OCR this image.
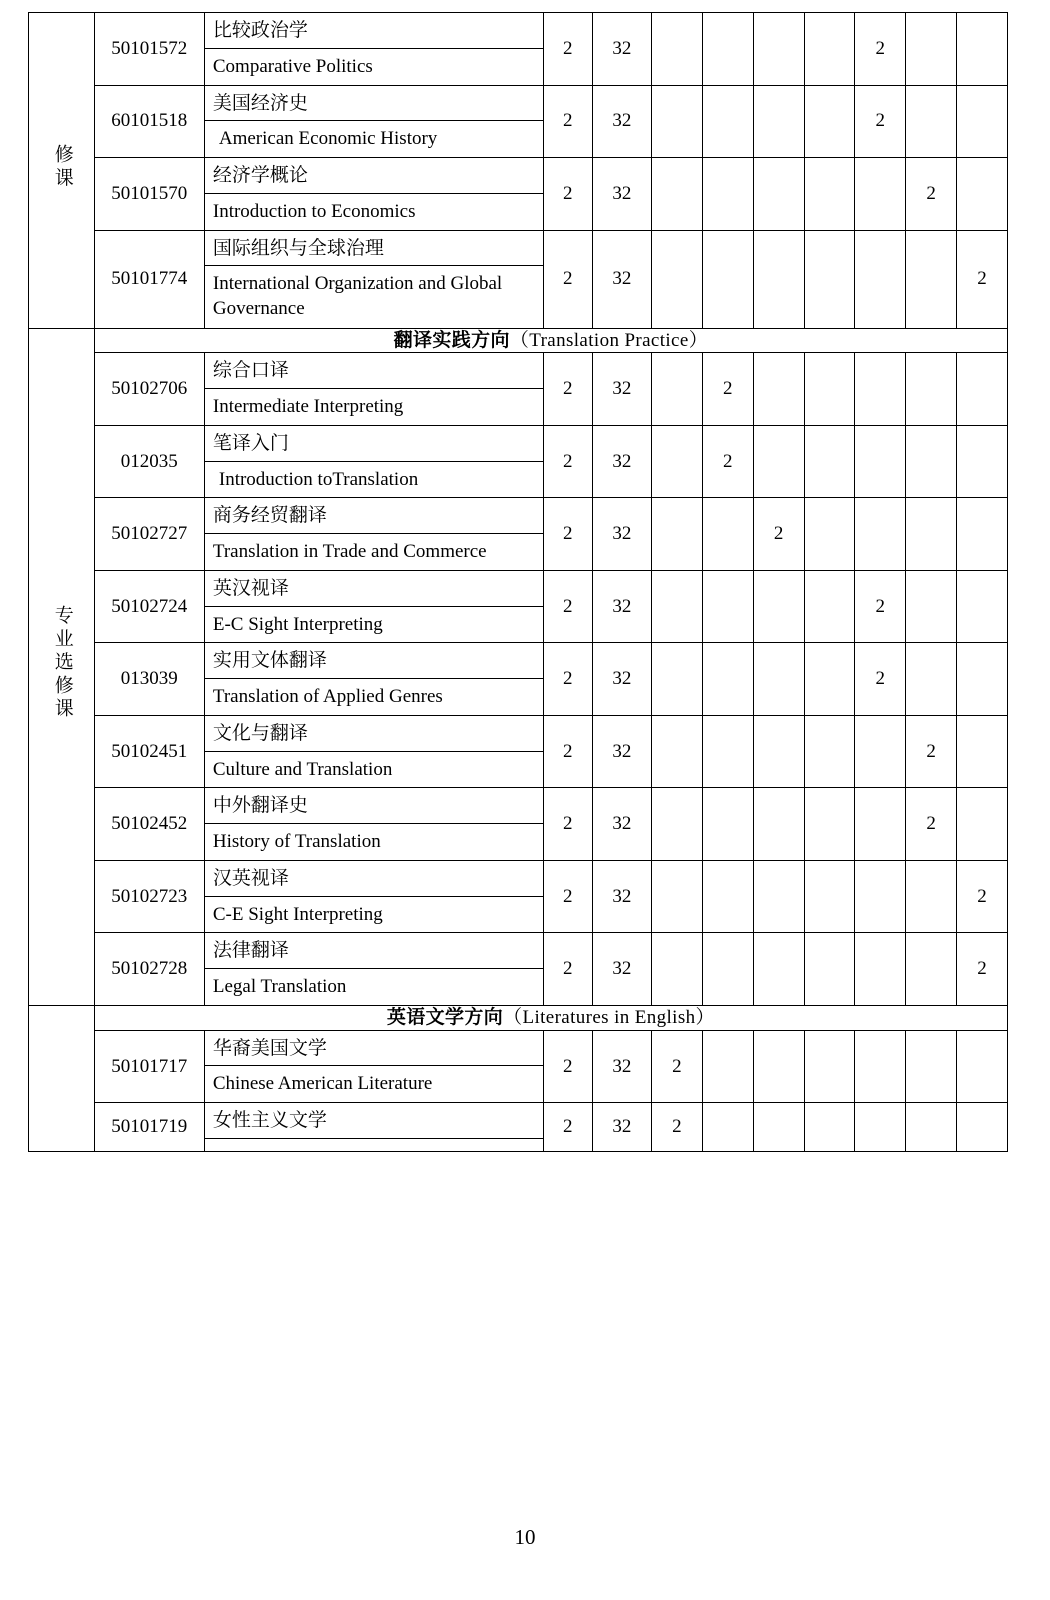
修课	50101572	比较政治学
Comparative Politics	2	32					2		
	60101518	美国经济史
American Economic History	2	32					2		
	50101570	经济学概论
Introduction to Economics	2	32						2	
	50101774	国际组织与全球治理
International Organization and Global Governance	2	32							2
专业选修课	翻译实践方向（Translation Practice）										
	50102706	综合口译
Intermediate Interpreting	2	32		2					
	012035	笔译入门
Introduction toTranslation	2	32		2					
	50102727	商务经贸翻译
Translation in Trade and Commerce	2	32			2				
	50102724	英汉视译
E-C Sight Interpreting	2	32					2		
	013039	实用文体翻译
Translation of Applied Genres	2	32					2		
	50102451	文化与翻译
Culture and Translation	2	32						2	
	50102452	中外翻译史
History of Translation	2	32						2	
	50102723	汉英视译
C-E Sight Interpreting	2	32							2
	50102728	法律翻译
Legal Translation	2	32							2
	英语文学方向（Literatures in English）										
	50101717	华裔美国文学
Chinese American Literature	2	32	2						
	50101719	女性主义文学	2	32	2						
10
